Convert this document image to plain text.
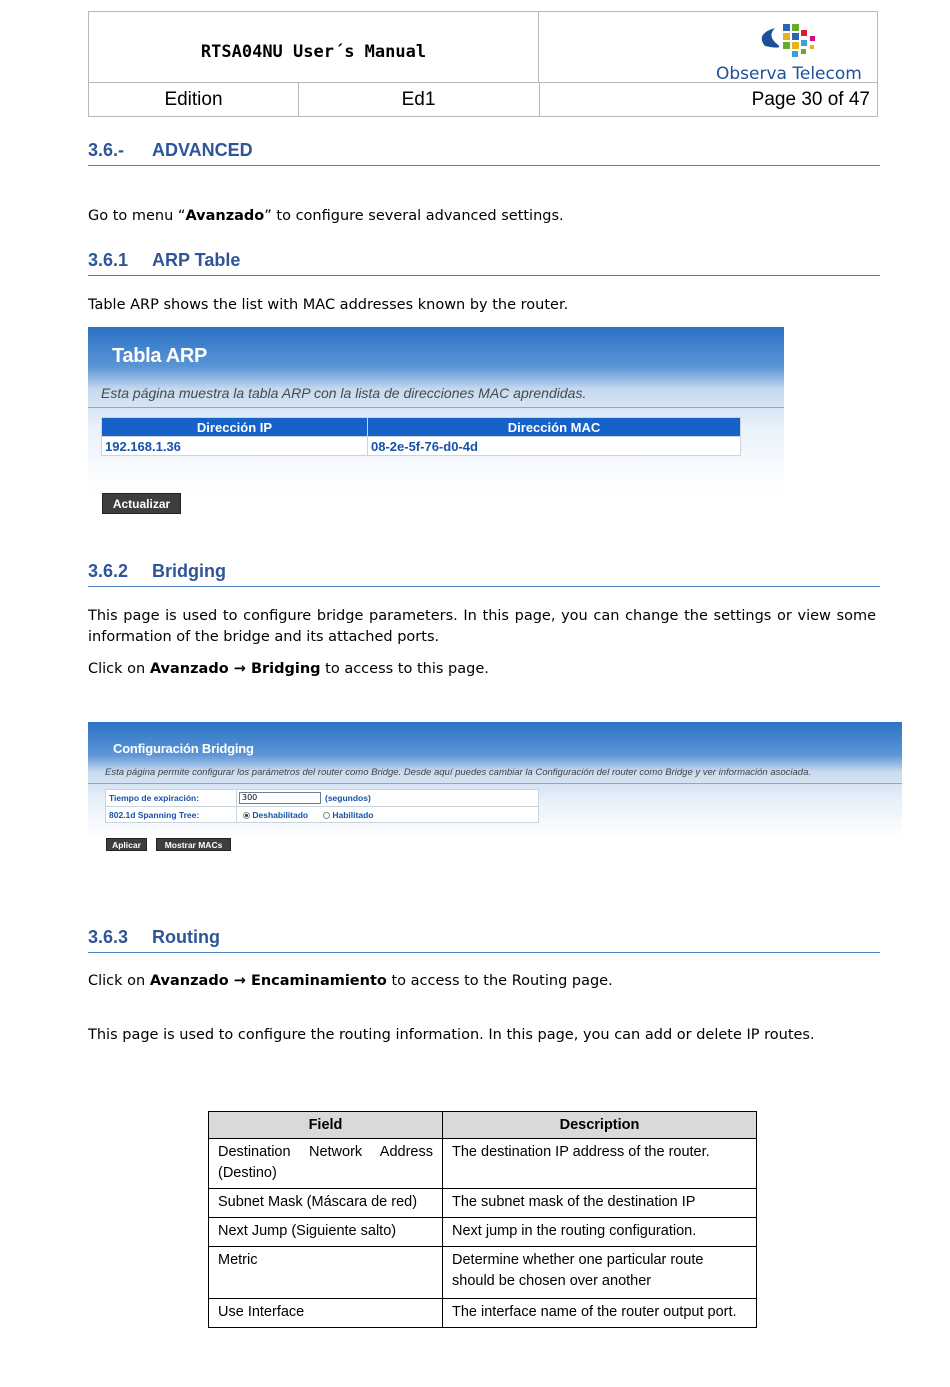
RTSA04NU User´s Manual
Observa Telecom
Edition	Ed1	Page 30 of 47
3.6.- ADVANCED
Go to menu “Avanzado” to configure several advanced settings.
3.6.1 ARP Table
Table ARP shows the list with MAC addresses known by the router.
Tabla ARP
Esta página muestra la tabla ARP con la lista de direcciones MAC aprendidas.
Dirección IP	Dirección MAC
192.168.1.36	08-2e-5f-76-d0-4d
Actualizar
3.6.2 Bridging
This page is used to configure bridge parameters. In this page, you can change the settings or view some information of the bridge and its attached ports.
Click on Avanzado → Bridging to access to this page.
Configuración Bridging
Esta página permite configurar los parámetros del router como Bridge. Desde aquí puedes cambiar la Configuración del router como Bridge y ver información asociada.
Tiempo de expiración:	300	(segundos)
802.1d Spanning Tree:	Deshabilitado	Habilitado
Aplicar	Mostrar MACs
3.6.3 Routing
Click on Avanzado → Encaminamiento to access to the Routing page.
This page is used to configure the routing information. In this page, you can add or delete IP routes.
Field	Description
Destination Network Address (Destino)	The destination IP address of the router.
Subnet Mask (Máscara de red)	The subnet mask of the destination IP
Next Jump (Siguiente salto)	Next jump in the routing configuration.
Metric	Determine whether one particular route should be chosen over another
Use Interface	The interface name of the router output port.
